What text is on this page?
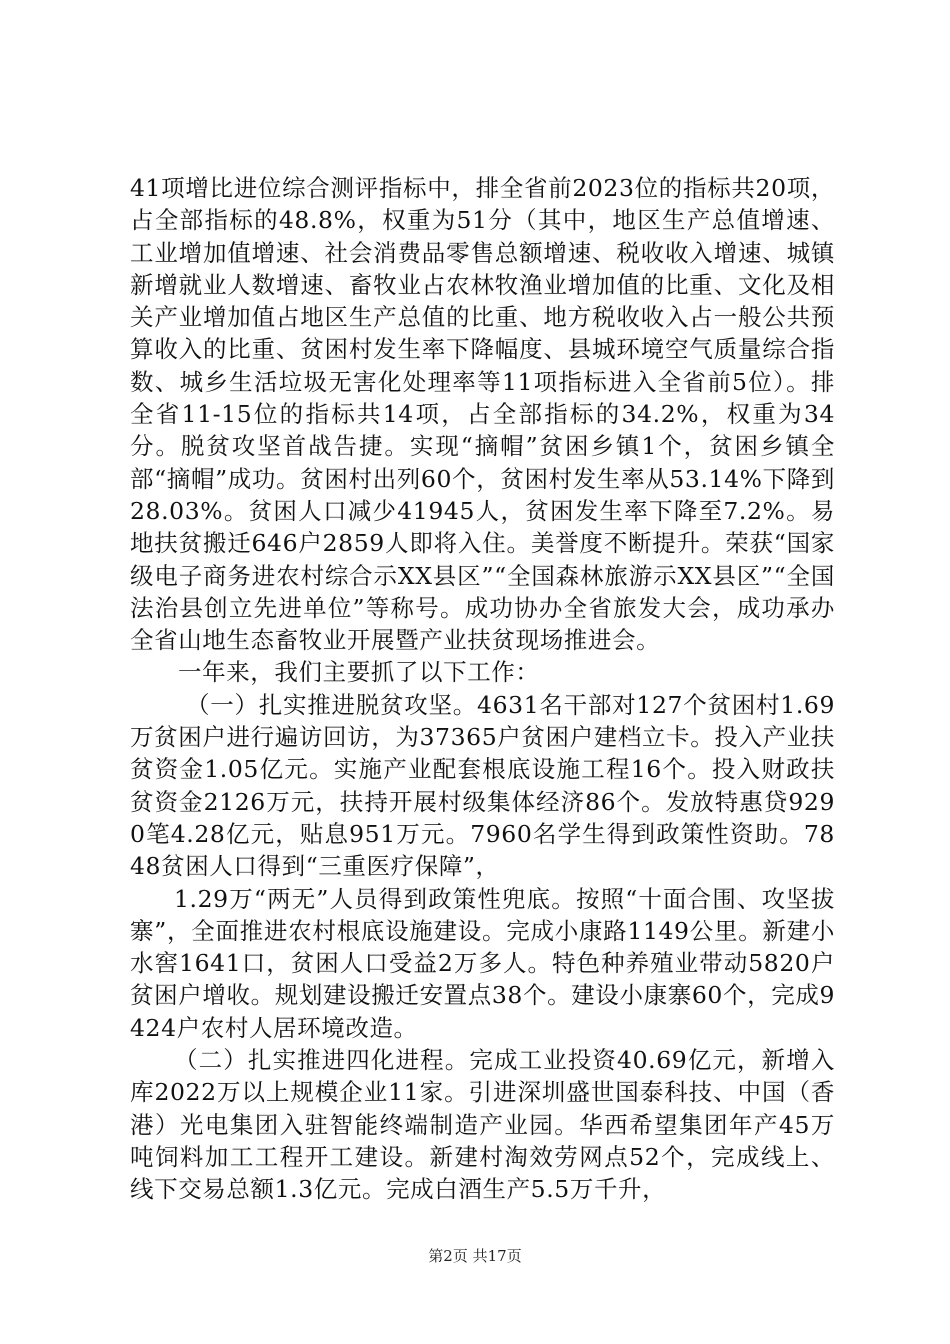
41项增比进位综合测评指标中，排全省前2023位的指标共20项，占全部指标的48.8%，权重为51分（其中，地区生产总值增速、工业增加值增速、社会消费品零售总额增速、税收收入增速、城镇新增就业人数增速、畜牧业占农林牧渔业增加值的比重、文化及相关产业增加值占地区生产总值的比重、地方税收收入占一般公共预算收入的比重、贫困村发生率下降幅度、县城环境空气质量综合指数、城乡生活垃圾无害化处理率等11项指标进入全省前5位）。排全省11-15位的指标共14项，占全部指标的34.2%，权重为34分。脱贫攻坚首战告捷。实现“摘帽”贫困乡镇1个，贫困乡镇全部“摘帽”成功。贫困村出列60个，贫困村发生率从53.14%下降到28.03%。贫困人口减少41945人，贫困发生率下降至7.2%。易地扶贫搬迁646户2859人即将入住。美誉度不断提升。荣获“国家级电子商务进农村综合示XX县区”“全国森林旅游示XX县区”“全国法治县创立先进单位”等称号。成功协办全省旅发大会，成功承办全省山地生态畜牧业开展暨产业扶贫现场推进会。

一年来，我们主要抓了以下工作：

（一）扎实推进脱贫攻坚。4631名干部对127个贫困村1.69万贫困户进行遍访回访，为37365户贫困户建档立卡。投入产业扶贫资金1.05亿元。实施产业配套根底设施工程16个。投入财政扶贫资金2126万元，扶持开展村级集体经济86个。发放特惠贷9290笔4.28亿元，贴息951万元。7960名学生得到政策性资助。7848贫困人口得到“三重医疗保障”，

1.29万“两无”人员得到政策性兜底。按照“十面合围、攻坚拔寨”，全面推进农村根底设施建设。完成小康路1149公里。新建小水窖1641口，贫困人口受益2万多人。特色种养殖业带动5820户贫困户增收。规划建设搬迁安置点38个。建设小康寨60个，完成9424户农村人居环境改造。

（二）扎实推进四化进程。完成工业投资40.69亿元，新增入库2022万以上规模企业11家。引进深圳盛世国泰科技、中国（香港）光电集团入驻智能终端制造产业园。华西希望集团年产45万吨饲料加工工程开工建设。新建村淘效劳网点52个，完成线上、线下交易总额1.3亿元。完成白酒生产5.5万千升，

第2页 共17页
